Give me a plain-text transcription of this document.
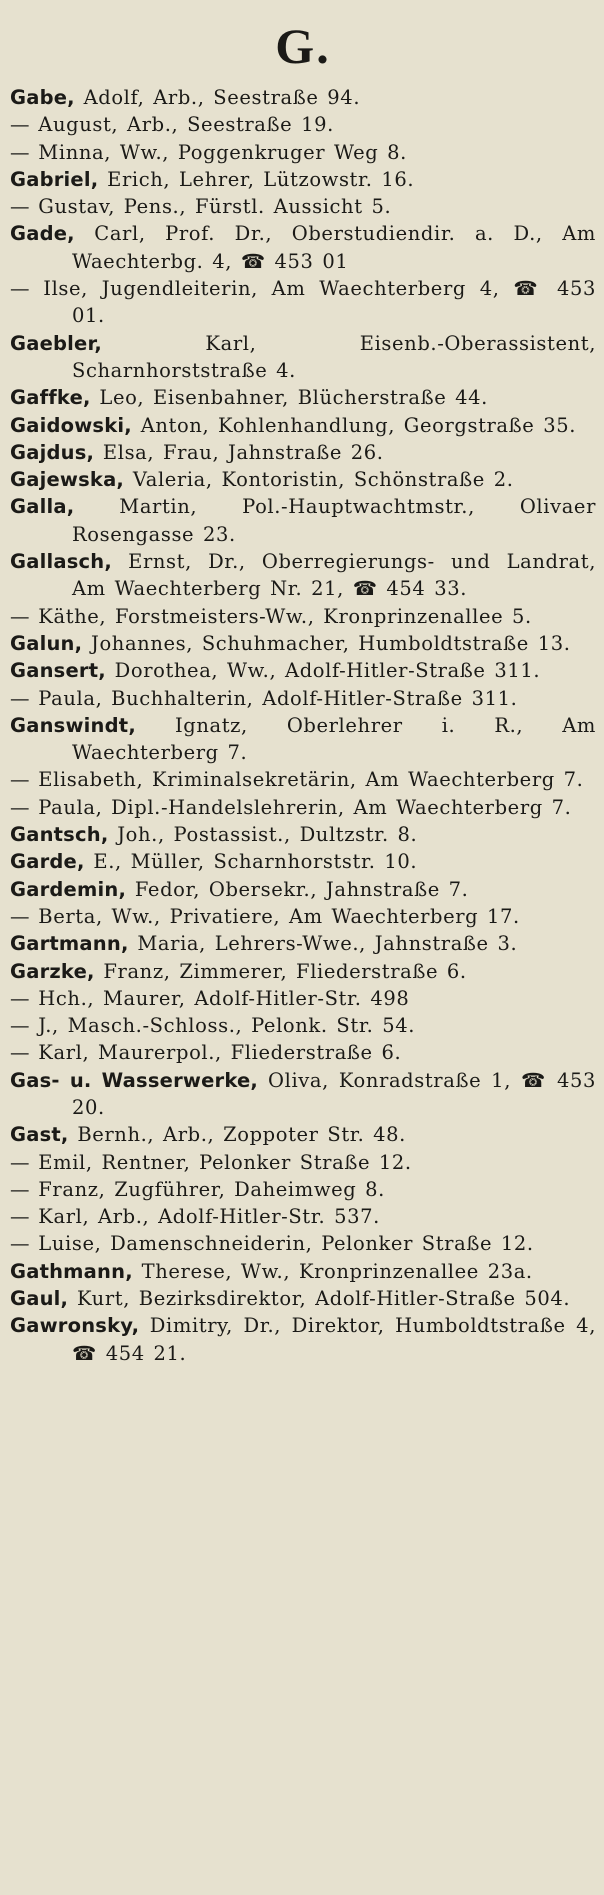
G.
Gabe, Adolf, Arb., Seestraße 94.
— August, Arb., Seestraße 19.
— Minna, Ww., Poggenkruger Weg 8.
Gabriel, Erich, Lehrer, Lützowstr. 16.
— Gustav, Pens., Fürstl. Aussicht 5.
Gade, Carl, Prof. Dr., Oberstudiendir. a. D., Am Waechterbg. 4, ☎ 453 01
— Ilse, Jugendleiterin, Am Waechterberg 4, ☎ 453 01.
Gaebler, Karl, Eisenb.-Oberassistent, Scharnhorststraße 4.
Gaffke, Leo, Eisenbahner, Blücherstraße 44.
Gaidowski, Anton, Kohlenhandlung, Georgstraße 35.
Gajdus, Elsa, Frau, Jahnstraße 26.
Gajewska, Valeria, Kontoristin, Schönstraße 2.
Galla, Martin, Pol.-Hauptwachtmstr., Olivaer Rosengasse 23.
Gallasch, Ernst, Dr., Oberregierungs- und Landrat, Am Waechterberg Nr. 21, ☎ 454 33.
— Käthe, Forstmeisters-Ww., Kronprinzenallee 5.
Galun, Johannes, Schuhmacher, Humboldtstraße 13.
Gansert, Dorothea, Ww., Adolf-Hitler-Straße 311.
— Paula, Buchhalterin, Adolf-Hitler-Straße 311.
Ganswindt, Ignatz, Oberlehrer i. R., Am Waechterberg 7.
— Elisabeth, Kriminalsekretärin, Am Waechterberg 7.
— Paula, Dipl.-Handelslehrerin, Am Waechterberg 7.
Gantsch, Joh., Postassist., Dultzstr. 8.
Garde, E., Müller, Scharnhorststr. 10.
Gardemin, Fedor, Obersekr., Jahnstraße 7.
— Berta, Ww., Privatiere, Am Waechterberg 17.
Gartmann, Maria, Lehrers-Wwe., Jahnstraße 3.
Garzke, Franz, Zimmerer, Fliederstraße 6.
— Hch., Maurer, Adolf-Hitler-Str. 498
— J., Masch.-Schloss., Pelonk. Str. 54.
— Karl, Maurerpol., Fliederstraße 6.
Gas- u. Wasserwerke, Oliva, Konradstraße 1, ☎ 453 20.
Gast, Bernh., Arb., Zoppoter Str. 48.
— Emil, Rentner, Pelonker Straße 12.
— Franz, Zugführer, Daheimweg 8.
— Karl, Arb., Adolf-Hitler-Str. 537.
— Luise, Damenschneiderin, Pelonker Straße 12.
Gathmann, Therese, Ww., Kronprinzenallee 23a.
Gaul, Kurt, Bezirksdirektor, Adolf-Hitler-Straße 504.
Gawronsky, Dimitry, Dr., Direktor, Humboldtstraße 4, ☎ 454 21.
